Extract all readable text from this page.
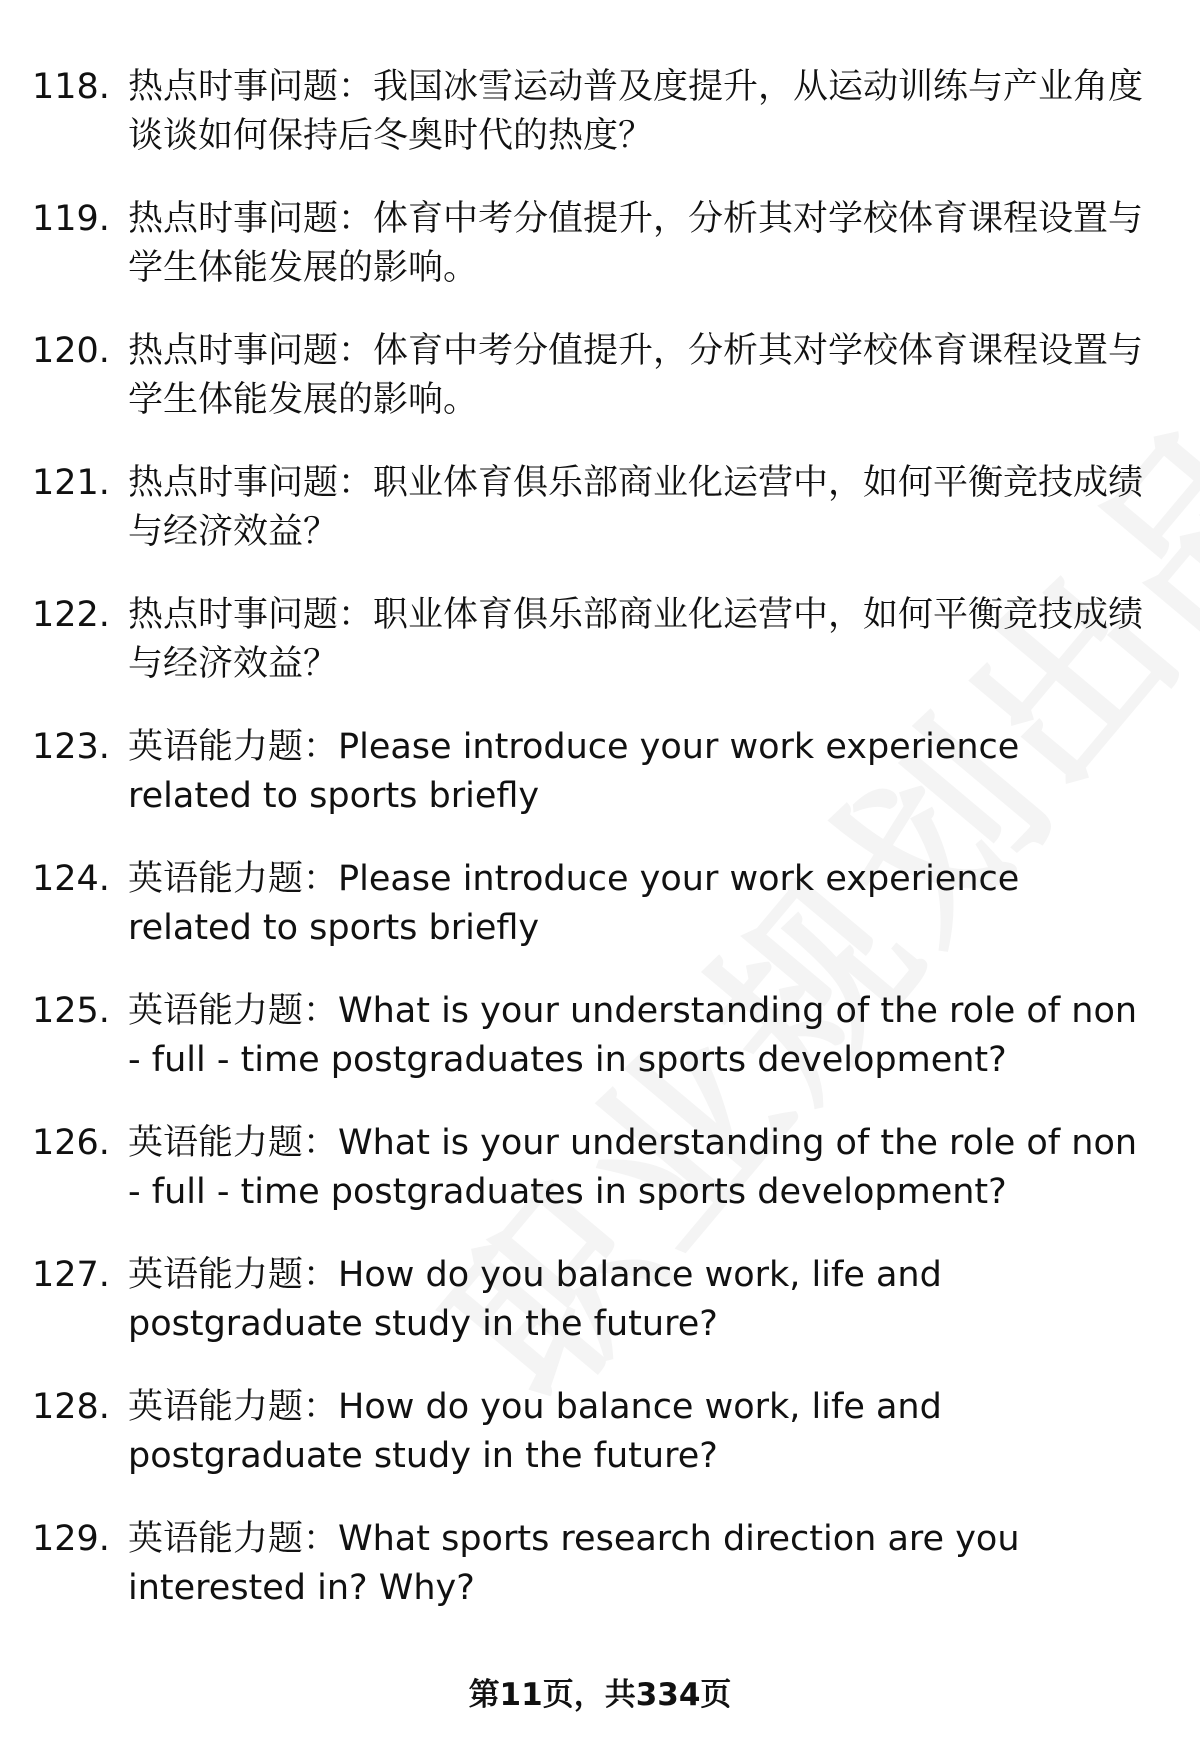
118. 热点时事问题：我国冰雪运动普及度提升，从运动训练与产业角度谈谈如何保持后冬奥时代的热度？

119. 热点时事问题：体育中考分值提升，分析其对学校体育课程设置与学生体能发展的影响。

120. 热点时事问题：体育中考分值提升，分析其对学校体育课程设置与学生体能发展的影响。

121. 热点时事问题：职业体育俱乐部商业化运营中，如何平衡竞技成绩与经济效益？

122. 热点时事问题：职业体育俱乐部商业化运营中，如何平衡竞技成绩与经济效益？

123. 英语能力题：Please introduce your work experience related to sports briefly

124. 英语能力题：Please introduce your work experience related to sports briefly

125. 英语能力题：What is your understanding of the role of non - full - time postgraduates in sports development?

126. 英语能力题：What is your understanding of the role of non - full - time postgraduates in sports development?

127. 英语能力题：How do you balance work, life and postgraduate study in the future?

128. 英语能力题：How do you balance work, life and postgraduate study in the future?

129. 英语能力题：What sports research direction are you interested in? Why?

第11页，共334页
